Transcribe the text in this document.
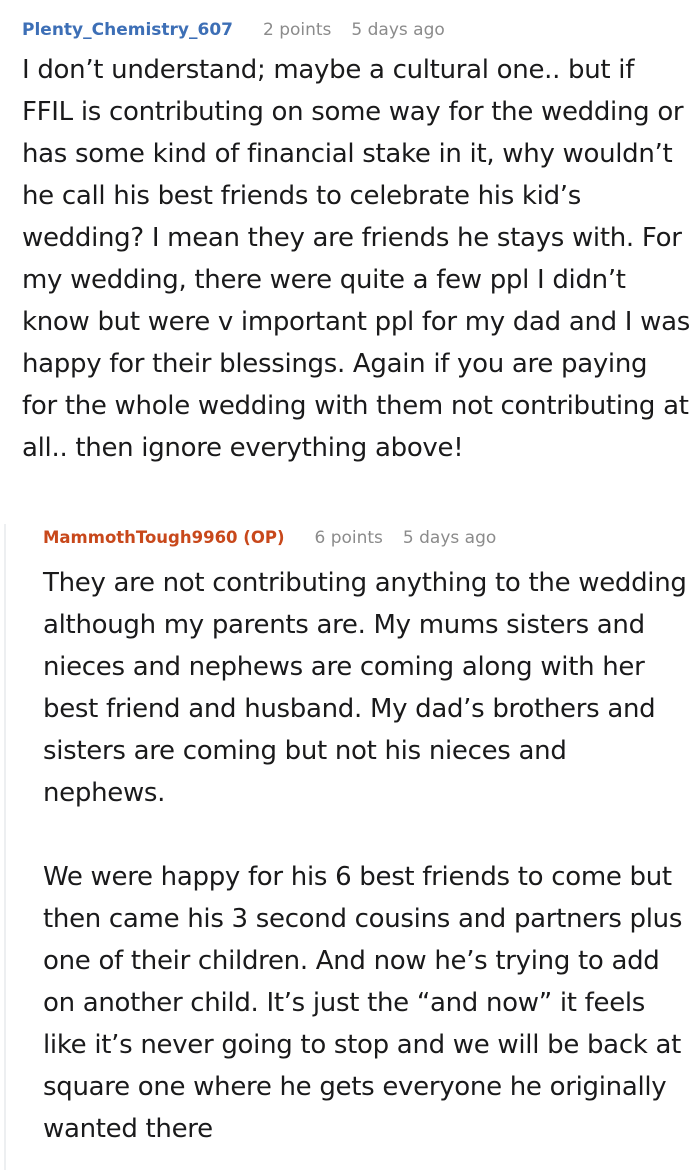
Plenty_Chemistry_607 2 points 5 days ago

I don’t understand; maybe a cultural one.. but if FFIL is contributing on some way for the wedding or has some kind of financial stake in it, why wouldn’t he call his best friends to celebrate his kid’s wedding? I mean they are friends he stays with. For my wedding, there were quite a few ppl I didn’t know but were v important ppl for my dad and I was happy for their blessings. Again if you are paying for the whole wedding with them not contributing at all.. then ignore everything above!

MammothTough9960 (OP) 6 points 5 days ago

They are not contributing anything to the wedding although my parents are. My mums sisters and nieces and nephews are coming along with her best friend and husband. My dad’s brothers and sisters are coming but not his nieces and nephews.

We were happy for his 6 best friends to come but then came his 3 second cousins and partners plus one of their children. And now he’s trying to add on another child. It’s just the “and now” it feels like it’s never going to stop and we will be back at square one where he gets everyone he originally wanted there
